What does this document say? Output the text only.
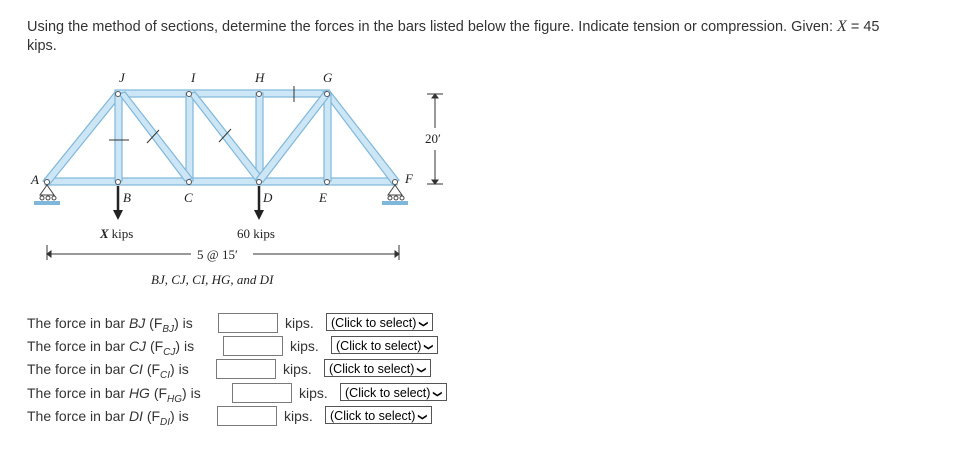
Using the method of sections, determine the forces in the bars listed below the figure. Indicate tension or compression. Given: X = 45
kips.
J	I	H	G
A
B	C	D	E
F
20′
X kips	60 kips
5 @ 15′
BJ, CJ, CI, HG, and DI
The force in bar BJ $(F_{BJ})$ is	kips.	(Click to select) ❯
The force in bar CJ $(F_{CJ})$ is	kips.	(Click to select) ❯
The force in bar CI $(F_{CI})$ is	kips.	(Click to select) ❯
The force in bar HG $(F_{HG})$ is	kips.	(Click to select) ❯
The force in bar DI $(F_{DI})$ is	kips.	(Click to select) ❯
